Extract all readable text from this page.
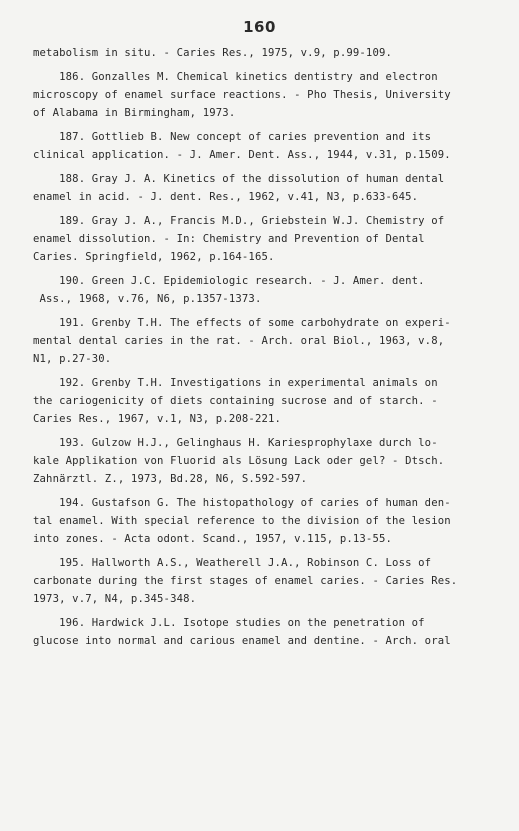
160
metabolism in situ. - Caries Res., 1975, v.9, p.99-109.
186. Gonzalles M. Chemical kinetics dentistry and electron
microscopy of enamel surface reactions. - Pho Thesis, University
of Alabama in Birmingham, 1973.
187. Gottlieb B. New concept of caries prevention and its
clinical application. - J. Amer. Dent. Ass., 1944, v.31, p.1509.
188. Gray J. A. Kinetics of the dissolution of human dental
enamel in acid. - J. dent. Res., 1962, v.41, N3, p.633-645.
189. Gray J. A., Francis M.D., Griebstein W.J. Chemistry of
enamel dissolution. - In: Chemistry and Prevention of Dental
Caries. Springfield, 1962, p.164-165.
190. Green J.C. Epidemiologic research. - J. Amer. dent.
Ass., 1968, v.76, N6, p.1357-1373.
191. Grenby T.H. The effects of some carbohydrate on experi-
mental dental caries in the rat. - Arch. oral Biol., 1963, v.8,
N1, p.27-30.
192. Grenby T.H. Investigations in experimental animals on
the cariogenicity of diets containing sucrose and of starch. -
Caries Res., 1967, v.1, N3, p.208-221.
193. Gulzow H.J., Gelinghaus H. Kariesprophylaxe durch lo-
kale Applikation von Fluorid als Lösung Lack oder gel? - Dtsch.
Zahnärztl. Z., 1973, Bd.28, N6, S.592-597.
194. Gustafson G. The histopathology of caries of human den-
tal enamel. With special reference to the division of the lesion
into zones. - Acta odont. Scand., 1957, v.115, p.13-55.
195. Hallworth A.S., Weatherell J.A., Robinson C. Loss of
carbonate during the first stages of enamel caries. - Caries Res.
1973, v.7, N4, p.345-348.
196. Hardwick J.L. Isotope studies on the penetration of
glucose into normal and carious enamel and dentine. - Arch. oral
